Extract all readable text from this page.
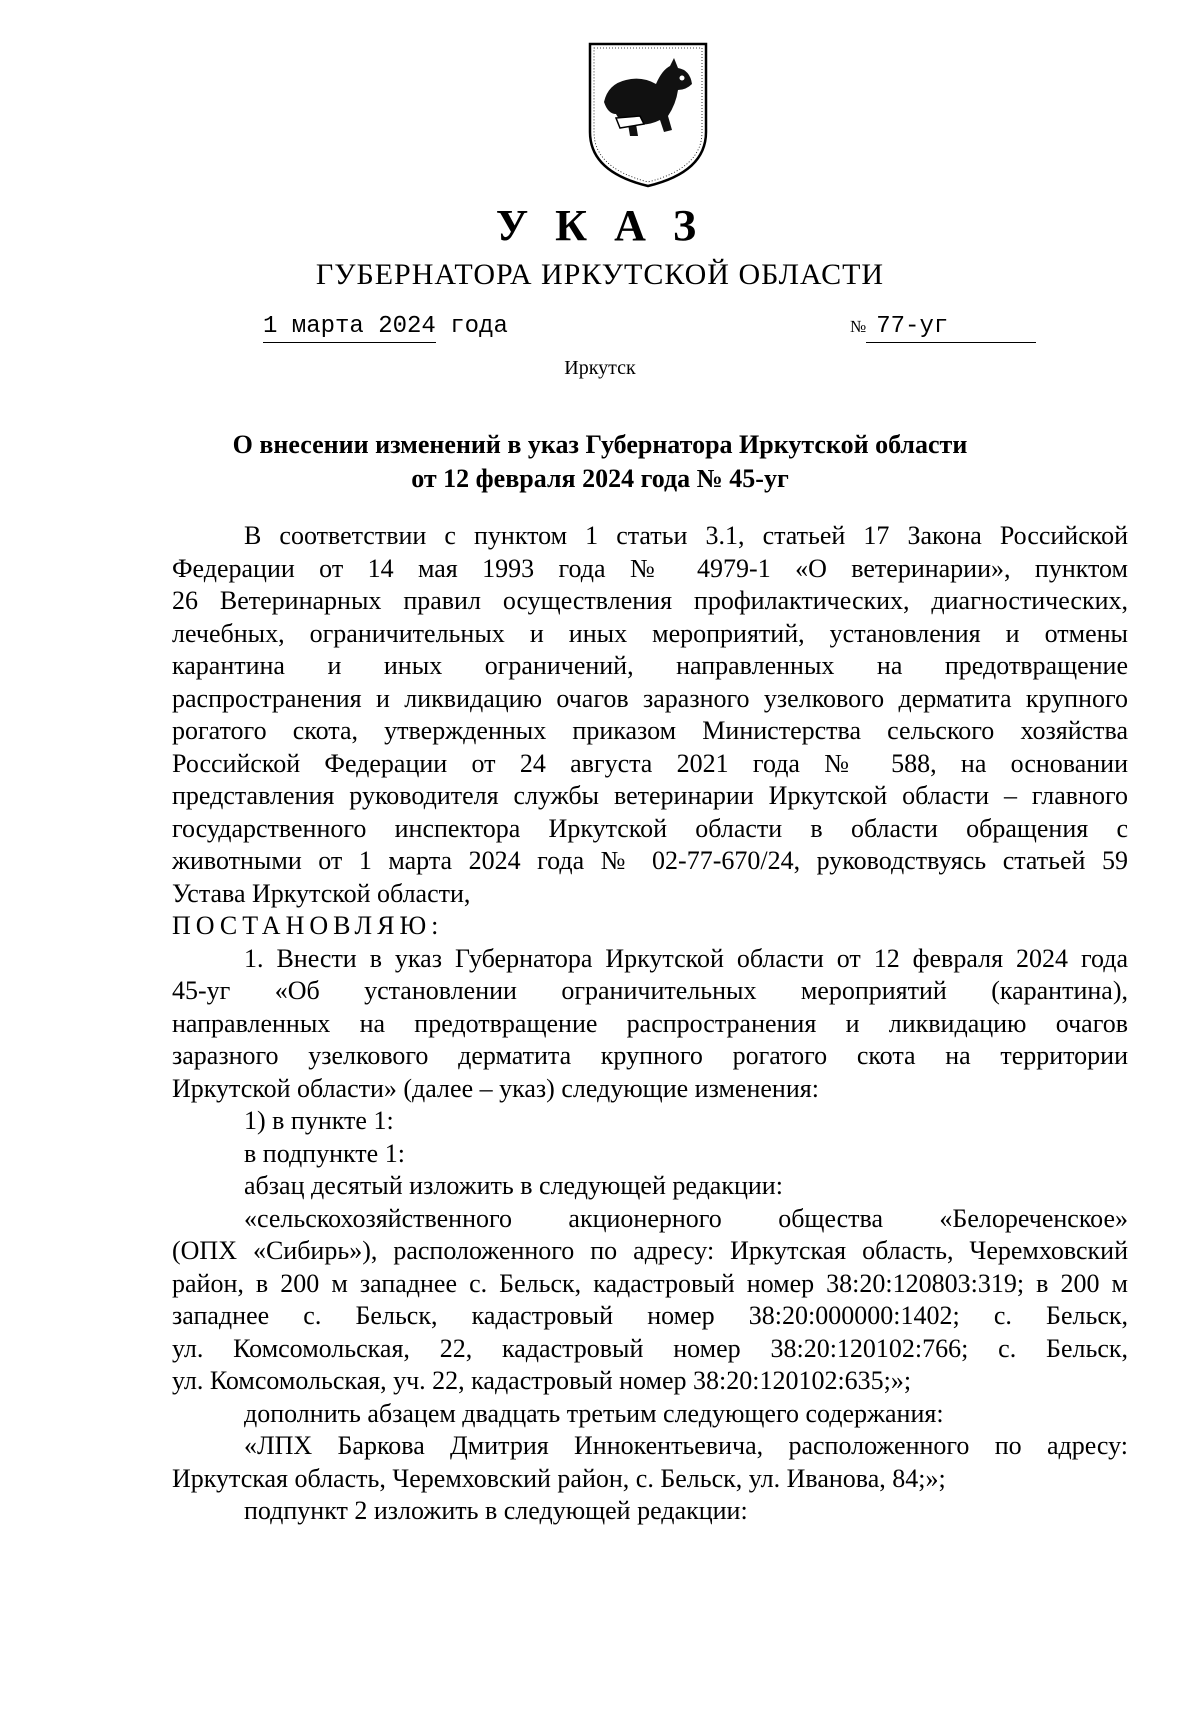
У К А З
ГУБЕРНАТОРА ИРКУТСКОЙ ОБЛАСТИ
1 марта 2024 года	№ 77-уг
Иркутск
О внесении изменений в указ Губернатора Иркутской области
от 12 февраля 2024 года № 45-уг

В соответствии с пунктом 1 статьи 3.1, статьей 17 Закона Российской

Федерации от 14 мая 1993 года № 4979-1 «О ветеринарии», пунктом

26 Ветеринарных правил осуществления профилактических, диагностических,

лечебных, ограничительных и иных мероприятий, установления и отмены

карантина и иных ограничений, направленных на предотвращение

распространения и ликвидацию очагов заразного узелкового дерматита крупного

рогатого скота, утвержденных приказом Министерства сельского хозяйства

Российской Федерации от 24 августа 2021 года № 588, на основании

представления руководителя службы ветеринарии Иркутской области – главного

государственного инспектора Иркутской области в области обращения с

животными от 1 марта 2024 года № 02-77-670/24, руководствуясь статьей 59

Устава Иркутской области,

ПОСТАНОВЛЯЮ:

1. Внести в указ Губернатора Иркутской области от 12 февраля 2024 года

45-уг «Об установлении ограничительных мероприятий (карантина),

направленных на предотвращение распространения и ликвидацию очагов

заразного узелкового дерматита крупного рогатого скота на территории

Иркутской области» (далее – указ) следующие изменения:

1) в пункте 1:

в подпункте 1:

абзац десятый изложить в следующей редакции:

«сельскохозяйственного акционерного общества «Белореченское»

(ОПХ «Сибирь»), расположенного по адресу: Иркутская область, Черемховский

район, в 200 м западнее с. Бельск, кадастровый номер 38:20:120803:319; в 200 м

западнее с. Бельск, кадастровый номер 38:20:000000:1402; с. Бельск,

ул. Комсомольская, 22, кадастровый номер 38:20:120102:766; с. Бельск,

ул. Комсомольская, уч. 22, кадастровый номер 38:20:120102:635;»;

дополнить абзацем двадцать третьим следующего содержания:

«ЛПХ Баркова Дмитрия Иннокентьевича, расположенного по адресу:

Иркутская область, Черемховский район, с. Бельск, ул. Иванова, 84;»;

подпункт 2 изложить в следующей редакции:
